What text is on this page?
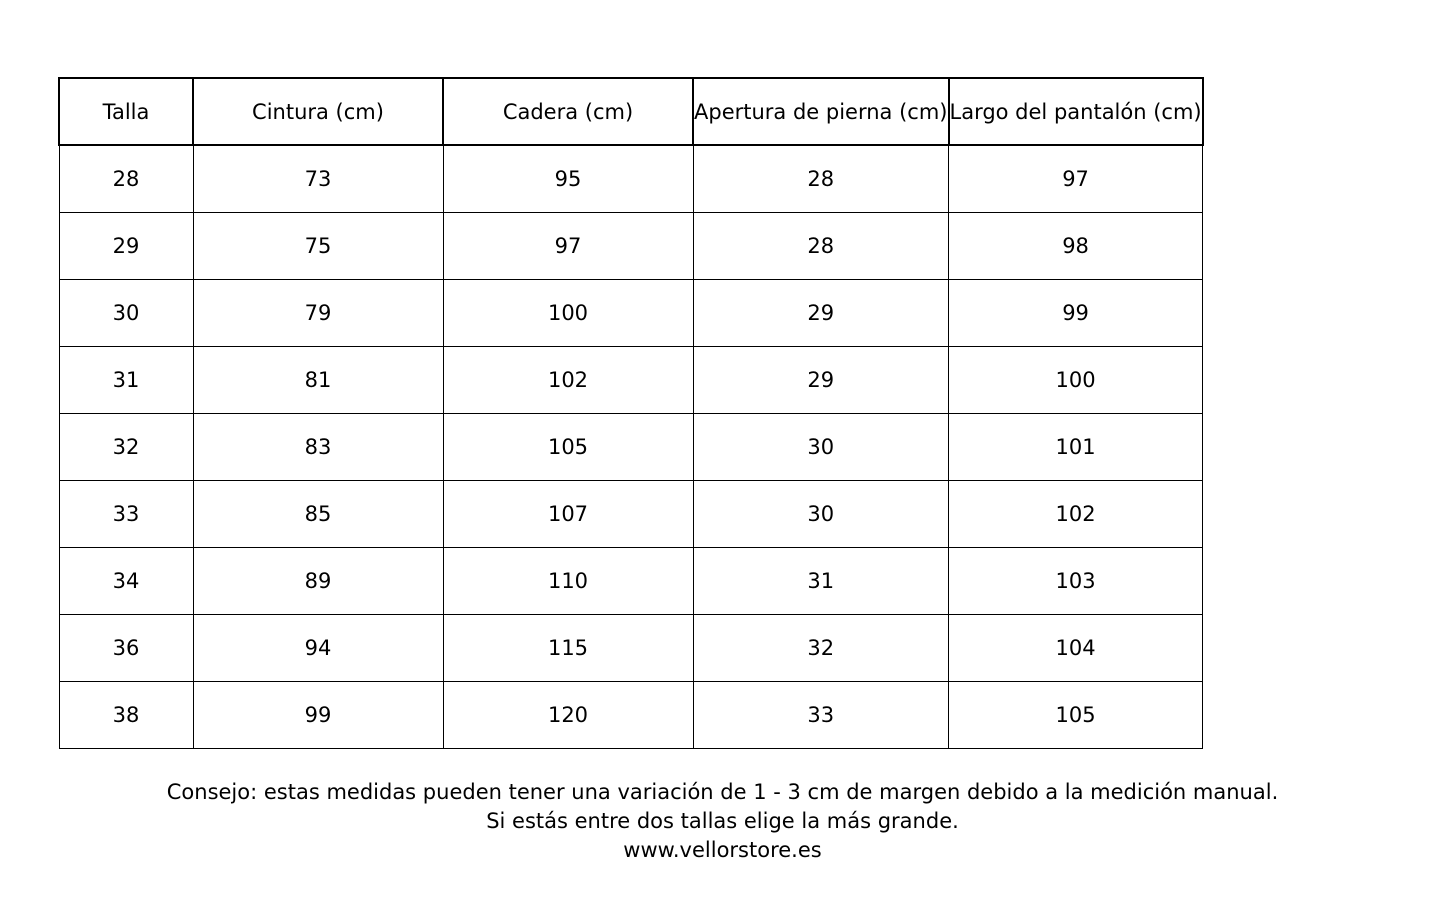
Talla	Cintura (cm)	Cadera (cm)	Apertura de pierna (cm)	Largo del pantalón (cm)
28	73	95	28	97
29	75	97	28	98
30	79	100	29	99
31	81	102	29	100
32	83	105	30	101
33	85	107	30	102
34	89	110	31	103
36	94	115	32	104
38	99	120	33	105
Consejo: estas medidas pueden tener una variación de 1 - 3 cm de margen debido a la medición manual.
Si estás entre dos tallas elige la más grande.
www.vellorstore.es
